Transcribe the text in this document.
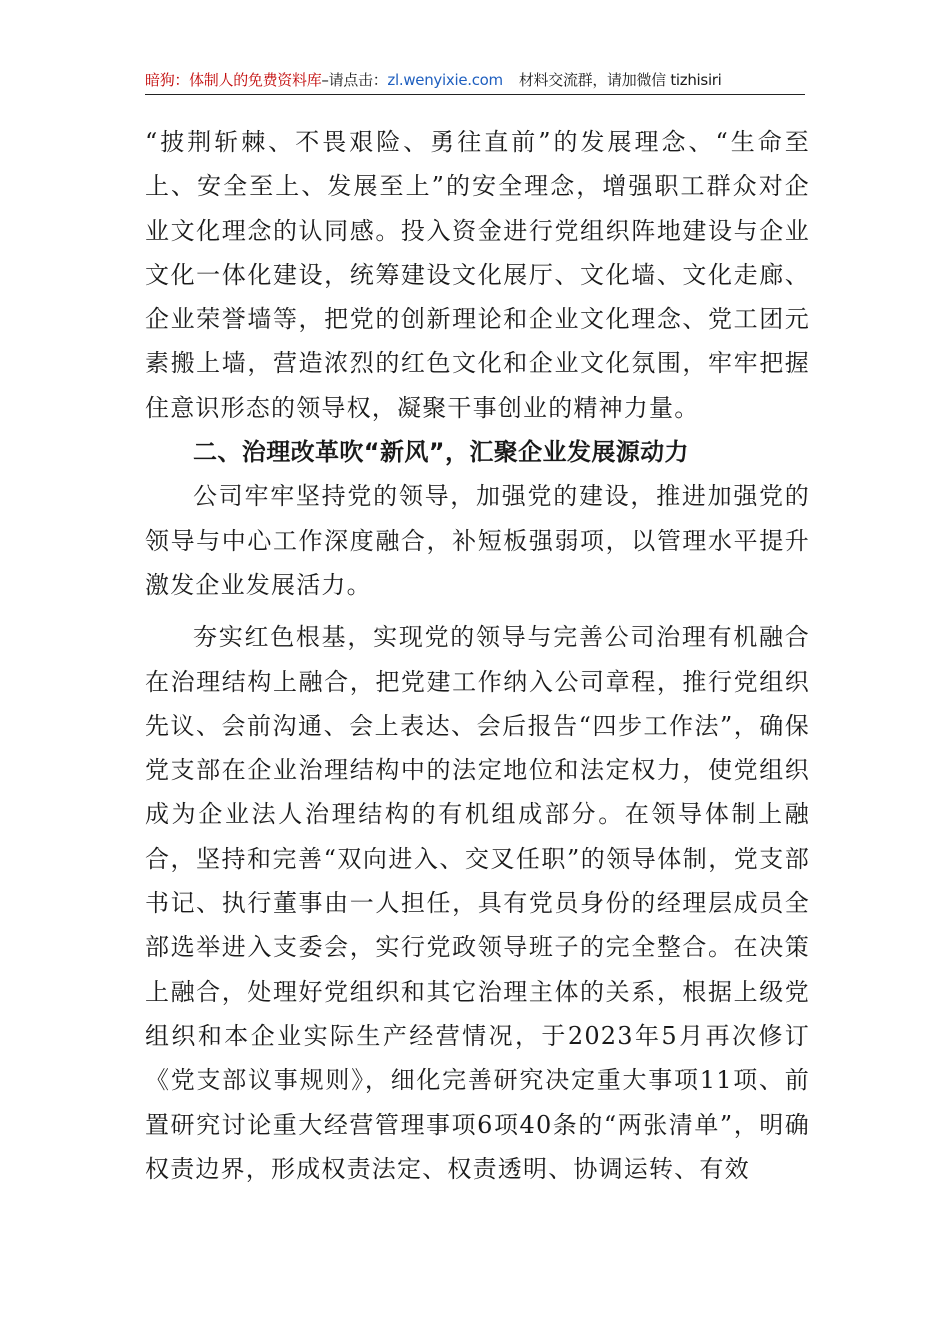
暗狗：体制人的免费资料库–请点击：zl.wenyixie.com 材料交流群，请加微信 tizhisiri

“披荆斩棘、不畏艰险、勇往直前”的发展理念、“生命至上、安全至上、发展至上”的安全理念，增强职工群众对企业文化理念的认同感。投入资金进行党组织阵地建设与企业文化一体化建设，统筹建设文化展厅、文化墙、文化走廊、企业荣誉墙等，把党的创新理论和企业文化理念、党工团元素搬上墙，营造浓烈的红色文化和企业文化氛围，牢牢把握住意识形态的领导权，凝聚干事创业的精神力量。

二、治理改革吹“新风”，汇聚企业发展源动力

公司牢牢坚持党的领导，加强党的建设，推进加强党的领导与中心工作深度融合，补短板强弱项，以管理水平提升激发企业发展活力。

夯实红色根基，实现党的领导与完善公司治理有机融合在治理结构上融合，把党建工作纳入公司章程，推行党组织先议、会前沟通、会上表达、会后报告“四步工作法”，确保党支部在企业治理结构中的法定地位和法定权力，使党组织成为企业法人治理结构的有机组成部分。在领导体制上融合，坚持和完善“双向进入、交叉任职”的领导体制，党支部书记、执行董事由一人担任，具有党员身份的经理层成员全部选举进入支委会，实行党政领导班子的完全整合。在决策上融合，处理好党组织和其它治理主体的关系，根据上级党组织和本企业实际生产经营情况，于2023年5月再次修订《党支部议事规则》，细化完善研究决定重大事项11项、前置研究讨论重大经营管理事项6项40条的“两张清单”，明确权责边界，形成权责法定、权责透明、协调运转、有效
